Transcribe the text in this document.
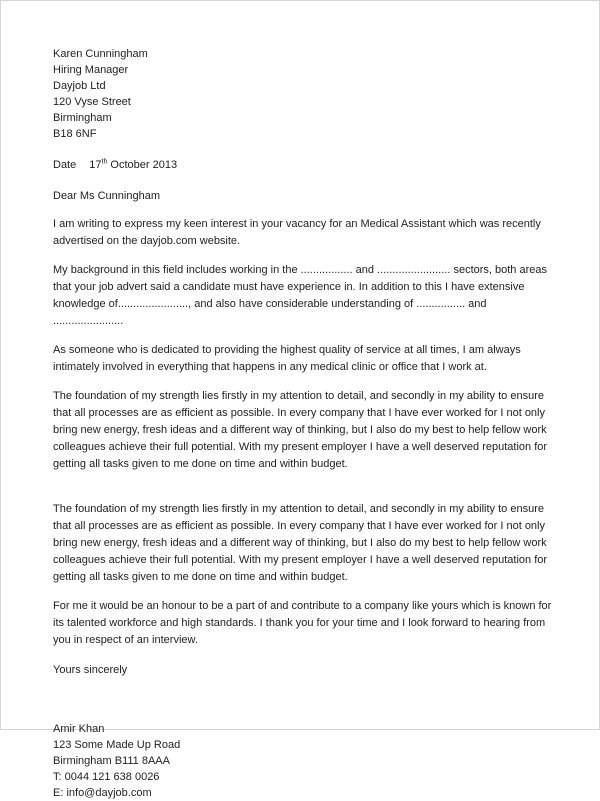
Karen Cunningham
Hiring Manager
Dayjob Ltd
120 Vyse Street
Birmingham
B18 6NF
Date 17th October 2013

Dear Ms Cunningham

I am writing to express my keen interest in your vacancy for an Medical Assistant which was recently advertised on the dayjob.com website.

My background in this field includes working in the ................. and ........................ sectors, both areas that your job advert said a candidate must have experience in. In addition to this I have extensive knowledge of......................., and also have considerable understanding of ................ and .......................

As someone who is dedicated to providing the highest quality of service at all times, I am always intimately involved in everything that happens in any medical clinic or office that I work at.

The foundation of my strength lies firstly in my attention to detail, and secondly in my ability to ensure that all processes are as efficient as possible. In every company that I have ever worked for I not only bring new energy, fresh ideas and a different way of thinking, but I also do my best to help fellow work colleagues achieve their full potential. With my present employer I have a well deserved reputation for getting all tasks given to me done on time and within budget.

The foundation of my strength lies firstly in my attention to detail, and secondly in my ability to ensure that all processes are as efficient as possible. In every company that I have ever worked for I not only bring new energy, fresh ideas and a different way of thinking, but I also do my best to help fellow work colleagues achieve their full potential. With my present employer I have a well deserved reputation for getting all tasks given to me done on time and within budget.

For me it would be an honour to be a part of and contribute to a company like yours which is known for its talented workforce and high standards. I thank you for your time and I look forward to hearing from you in respect of an interview.

Yours sincerely

Amir Khan
123 Some Made Up Road
Birmingham B111 8AAA
T: 0044 121 638 0026
E: info@dayjob.com
